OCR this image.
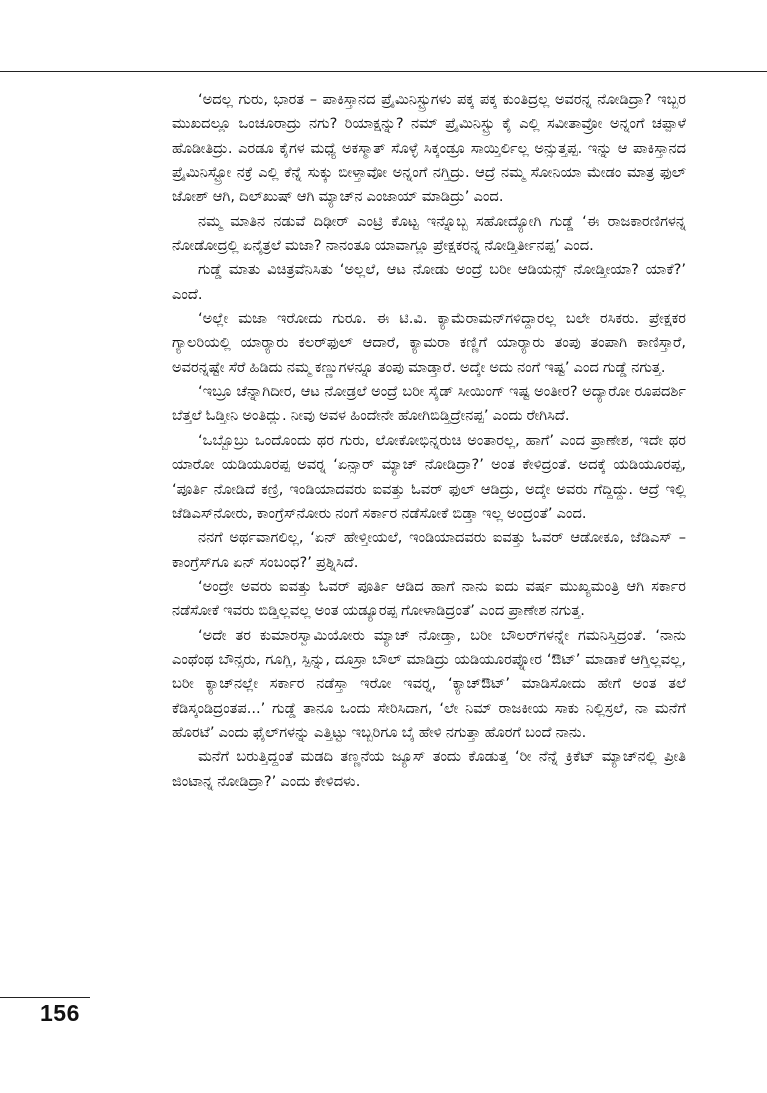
‘ಅದಲ್ಲ ಗುರು, ಭಾರತ – ಪಾಕಿಸ್ತಾನದ ಪ್ರೈಮಿನಿಸ್ಟ್ರುಗಳು ಪಕ್ಕ ಪಕ್ಕ ಕುಂತಿದ್ರಲ್ಲ ಅವರನ್ನ ನೋಡಿದ್ರಾ? ಇಬ್ಬರ ಮುಖದಲ್ಲೂ ಒಂಚೂರಾದ್ರು ನಗು? ರಿಯಾಕ್ಷನ್ನು? ನಮ್ ಪ್ರೈಮಿನಿಸ್ಟ್ರು ಕೈ ಎಲ್ಲಿ ಸವೀತಾವ್ರೋ ಅನ್ನಂಗೆ ಚಪ್ಪಾಳೆ ಹೊಡೀತಿದ್ರು. ಎರಡೂ ಕೈಗಳ ಮಧ್ಯೆ ಅಕಸ್ಮಾತ್ ಸೊಳ್ಳೆ ಸಿಕ್ಕಂಡ್ರೂ ಸಾಯ್ತಿರ್ಲಿಲ್ಲ ಅನ್ಸುತ್ತಪ್ಪ. ಇನ್ನು ಆ ಪಾಕಿಸ್ತಾನದ ಪ್ರೈಮಿನಿಸ್ಟ್ರೋ ನಕ್ರೆ ಎಲ್ಲಿ ಕೆನ್ನೆ ಸುಕ್ಕು ಬೀಳ್ತಾವೋ ಅನ್ನಂಗೆ ನಗ್ತಿದ್ರು. ಆದ್ರೆ ನಮ್ಮ ಸೋನಿಯಾ ಮೇಡಂ ಮಾತ್ರ ಫುಲ್ ಜೋಶ್ ಆಗಿ, ದಿಲ್‌ಖುಷ್ ಆಗಿ ಮ್ಯಾಚ್‌ನ ಎಂಜಾಯ್ ಮಾಡಿದ್ರು’ ಎಂದ.

ನಮ್ಮ ಮಾತಿನ ನಡುವೆ ದಿಢೀರ್ ಎಂಟ್ರಿ ಕೊಟ್ಟ ಇನ್ನೊಬ್ಬ ಸಹೋದ್ಯೋಗಿ ಗುಡ್ಡೆ ‘ಈ ರಾಜಕಾರಣಿಗಳನ್ನ ನೋಡೋದ್ರಲ್ಲಿ ಏನೈತ್ರಲೆ ಮಜಾ? ನಾನಂತೂ ಯಾವಾಗ್ಲೂ ಪ್ರೇಕ್ಷಕರನ್ನ ನೋಡ್ತಿರ್ತೀನಪ್ಪ’ ಎಂದ.

ಗುಡ್ಡೆ ಮಾತು ವಿಚಿತ್ರವೆನಿಸಿತು ‘ಅಲ್ಲಲೆ, ಆಟ ನೋಡು ಅಂದ್ರೆ ಬರೀ ಆಡಿಯನ್ಸ್ ನೋಡ್ತೀಯಾ? ಯಾಕೆ?’ ಎಂದೆ.

‘ಅಲ್ಲೇ ಮಜಾ ಇರೋದು ಗುರೂ. ಈ ಟಿ.ವಿ. ಕ್ಯಾಮೆರಾಮನ್‌ಗಳಿದ್ದಾರಲ್ಲ ಬಲೇ ರಸಿಕರು. ಪ್ರೇಕ್ಷಕರ ಗ್ಯಾಲರಿಯಲ್ಲಿ ಯಾರ್‍ಯಾರು ಕಲರ್‌ಫುಲ್ ಆದಾರೆ, ಕ್ಯಾಮರಾ ಕಣ್ಣಿಗೆ ಯಾರ್‍ಯಾರು ತಂಪು ತಂಪಾಗಿ ಕಾಣಿಸ್ತಾರೆ, ಅವರನ್ನಷ್ಟೇ ಸೆರೆ ಹಿಡಿದು ನಮ್ಮ ಕಣ್ಣುಗಳನ್ನೂ ತಂಪು ಮಾಡ್ತಾರೆ. ಅದ್ಕೇ ಅದು ನಂಗೆ ಇಷ್ಟ’ ಎಂದ ಗುಡ್ಡೆ ನಗುತ್ತ.

‘ಇಬ್ರೂ ಚೆನ್ನಾಗಿದೀರ, ಆಟ ನೋಡ್ರಲೆ ಅಂದ್ರೆ ಬರೀ ಸೈಡ್ ಸೀಯಿಂಗ್ ಇಷ್ಟ ಅಂತೀರ? ಅದ್ಯಾರೋ ರೂಪದರ್ಶಿ ಬೆತ್ತಲೆ ಓಡ್ತೀನಿ ಅಂತಿದ್ಲು. ನೀವು ಅವಳ ಹಿಂದೇನೇ ಹೋಗಿಬಿಡ್ತಿದ್ರೇನಪ್ಪ’ ಎಂದು ರೇಗಿಸಿದೆ.

‘ಒಬ್ಬೊಬ್ರು ಒಂದೊಂದು ಥರ ಗುರು, ಲೋಕೋಭಿನ್ನರುಚಿ ಅಂತಾರಲ್ಲ, ಹಾಗೆ’ ಎಂದ ಪ್ರಾಣೇಶ, ಇದೇ ಥರ ಯಾರೋ ಯಡಿಯೂರಪ್ಪ ಅವರ್‍ನ ‘ಏನ್ಸಾರ್ ಮ್ಯಾಚ್ ನೋಡಿದ್ರಾ?’ ಅಂತ ಕೇಳಿದ್ರಂತೆ. ಅದಕ್ಕೆ ಯಡಿಯೂರಪ್ಪ, ‘ಪೂರ್ತಿ ನೋಡಿದೆ ಕಣ್ರಿ, ಇಂಡಿಯಾದವರು ಐವತ್ತು ಓವರ್ ಫುಲ್ ಆಡಿದ್ರು, ಅದ್ಕೇ ಅವರು ಗೆದ್ದಿದ್ದು. ಆದ್ರೆ ಇಲ್ಲಿ ಜೆಡಿಎಸ್‌ನೋರು, ಕಾಂಗ್ರೆಸ್‌ನೋರು ನಂಗೆ ಸರ್ಕಾರ ನಡೆಸೋಕೆ ಬಿಡ್ತಾ ಇಲ್ಲ ಅಂದ್ರಂತೆ’ ಎಂದ.

ನನಗೆ ಅರ್ಥವಾಗಲಿಲ್ಲ, ‘ಏನ್ ಹೇಳ್ತೀಯಲೆ, ಇಂಡಿಯಾದವರು ಐವತ್ತು ಓವರ್ ಆಡೋಕೂ, ಜೆಡಿಎಸ್ – ಕಾಂಗ್ರೆಸ್‌ಗೂ ಏನ್ ಸಂಬಂಧ?’ ಪ್ರಶ್ನಿಸಿದೆ.

‘ಅಂದ್ರೇ ಅವರು ಐವತ್ತು ಓವರ್ ಪೂರ್ತಿ ಆಡಿದ ಹಾಗೆ ನಾನು ಐದು ವರ್ಷ ಮುಖ್ಯಮಂತ್ರಿ ಆಗಿ ಸರ್ಕಾರ ನಡೆಸೋಕೆ ಇವರು ಬಿಡ್ತಿಲ್ಲವಲ್ಲ ಅಂತ ಯಡ್ಯೂರಪ್ಪ ಗೋಳಾಡಿದ್ರಂತೆ’ ಎಂದ ಪ್ರಾಣೇಶ ನಗುತ್ತ.

‘ಅದೇ ತರ ಕುಮಾರಸ್ವಾಮಿಯೋರು ಮ್ಯಾಚ್ ನೋಡ್ತಾ, ಬರೀ ಬೌಲರ್‌ಗಳನ್ನೇ ಗಮನಿಸ್ತಿದ್ರಂತೆ. ‘ನಾನು ಎಂಥೆಂಥ ಬೌನ್ಸರು, ಗೂಗ್ಲಿ, ಸ್ಪಿನ್ನು, ದೂಸ್ರಾ ಬೌಲ್ ಮಾಡಿದ್ರು ಯಡಿಯೂರಪ್ನೋರ ‘ಔಟ್’ ಮಾಡಾಕೆ ಆಗ್ತಿಲ್ಲವಲ್ಲ, ಬರೀ ಕ್ಯಾಚ್‌ನಲ್ಲೇ ಸರ್ಕಾರ ನಡೆಸ್ತಾ ಇರೋ ಇವರ್‍ನ, ‘ಕ್ಯಾಚ್‌ಔಟ್’ ಮಾಡಿಸೋದು ಹೇಗೆ ಅಂತ ತಲೆ ಕೆಡಿಸ್ಕಂಡಿದ್ರಂತಪ...’ ಗುಡ್ಡೆ ತಾನೂ ಒಂದು ಸೇರಿಸಿದಾಗ, ‘ಲೇ ನಿಮ್ ರಾಜಕೀಯ ಸಾಕು ನಿಲ್ಲಿಸ್ರಲೆ, ನಾ ಮನೆಗೆ ಹೊರಟೆ’ ಎಂದು ಫೈಲ್‌ಗಳನ್ನು ಎತ್ತಿಟ್ಟು ಇಬ್ಬರಿಗೂ ಬೈ ಹೇಳಿ ನಗುತ್ತಾ ಹೊರಗೆ ಬಂದೆ ನಾನು.

ಮನೆಗೆ ಬರುತ್ತಿದ್ದಂತೆ ಮಡದಿ ತಣ್ಣನೆಯ ಜ್ಯೂಸ್ ತಂದು ಕೊಡುತ್ತ ‘ರೀ ನೆನ್ನೆ ಕ್ರಿಕೆಟ್ ಮ್ಯಾಚ್‌ನಲ್ಲಿ ಪ್ರೀತಿ ಜಿಂಟಾನ್ನ ನೋಡಿದ್ರಾ?’ ಎಂದು ಕೇಳಿದಳು.

156
